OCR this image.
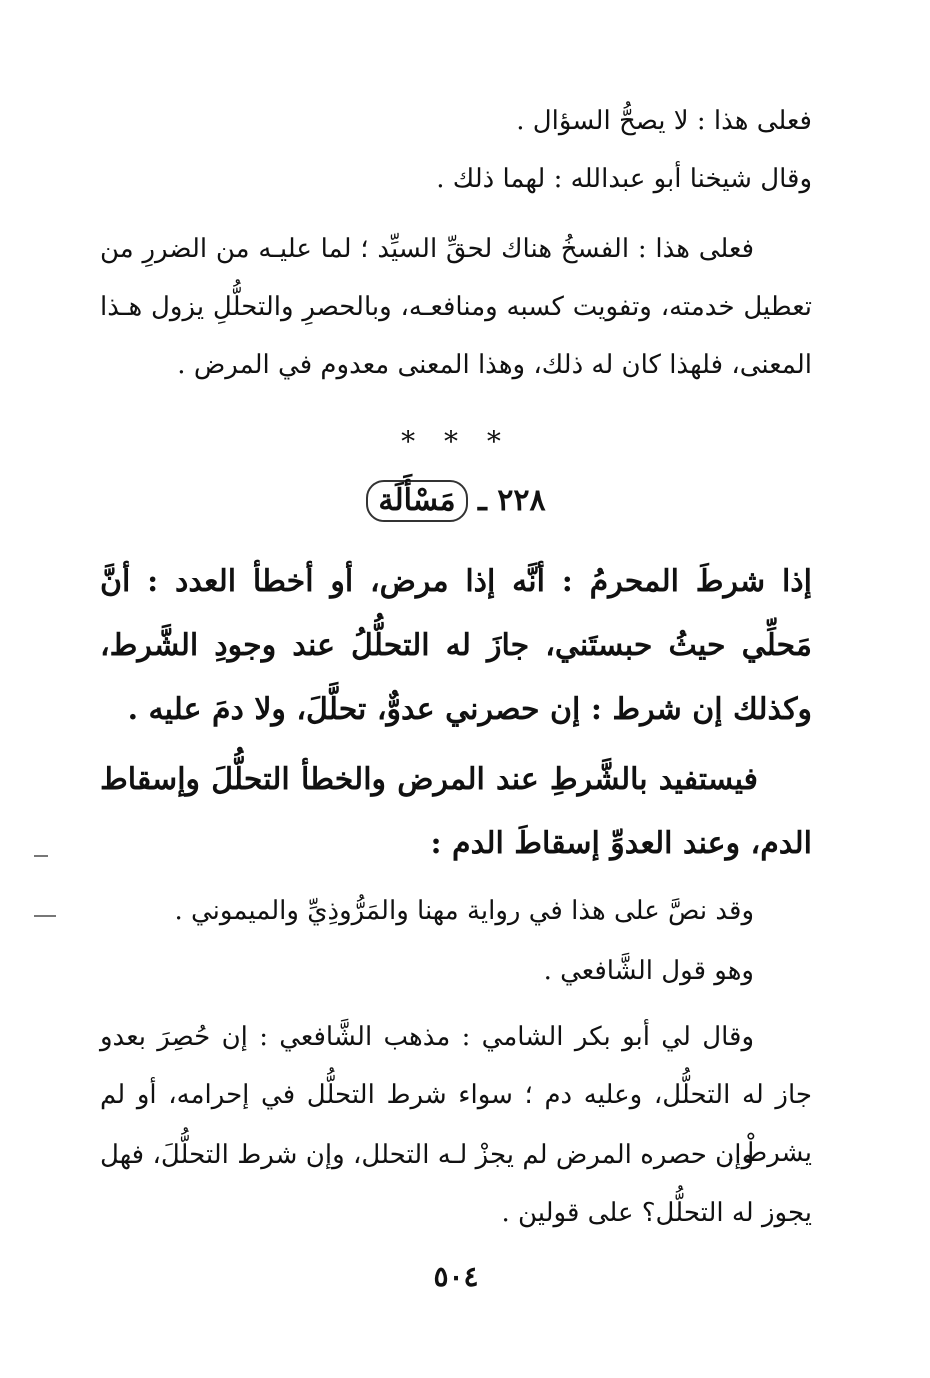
فعلى هذا : لا يصحُّ السؤال .

وقال شيخنا أبو عبدالله : لهما ذلك .

فعلى هذا : الفسخُ هناك لحقِّ السيِّد ؛ لما عليـه من الضررِ من تعطيل خدمته، وتفويت كسبه ومنافعـه، وبالحصرِ والتحلُّلِ يزول هـذا المعنى، فلهذا كان له ذلك، وهذا المعنى معدوم في المرض .

* * *
٢٢٨ ـ مَسْأَلَة

إذا شرطَ المحرمُ : أنَّه إذا مرض، أو أخطأ العدد : أنَّ مَحلِّي حيثُ حبستَني، جازَ له التحلُّلُ عند وجودِ الشَّرط، وكذلك إن شرط : إن حصرني عدوٌّ، تحلَّلَ، ولا دمَ عليه .

فيستفيد بالشَّرطِ عند المرض والخطأ التحلُّلَ وإسقاط الدم، وعند العدوِّ إسقاطَ الدم :

وقد نصَّ على هذا في رواية مهنا والمَرُّوذِيِّ والميموني .

وهو قول الشَّافعي .

وقال لي أبو بكر الشامي : مذهب الشَّافعي : إن حُصِرَ بعدو جاز له التحلُّل، وعليه دم ؛ سواء شرط التحلُّل في إحرامه، أو لم يشرطْ .

وإن حصره المرض لم يجزْ لـه التحلل، وإن شرط التحلُّلَ، فهل يجوز له التحلُّل؟ على قولين .

٥٠٤
